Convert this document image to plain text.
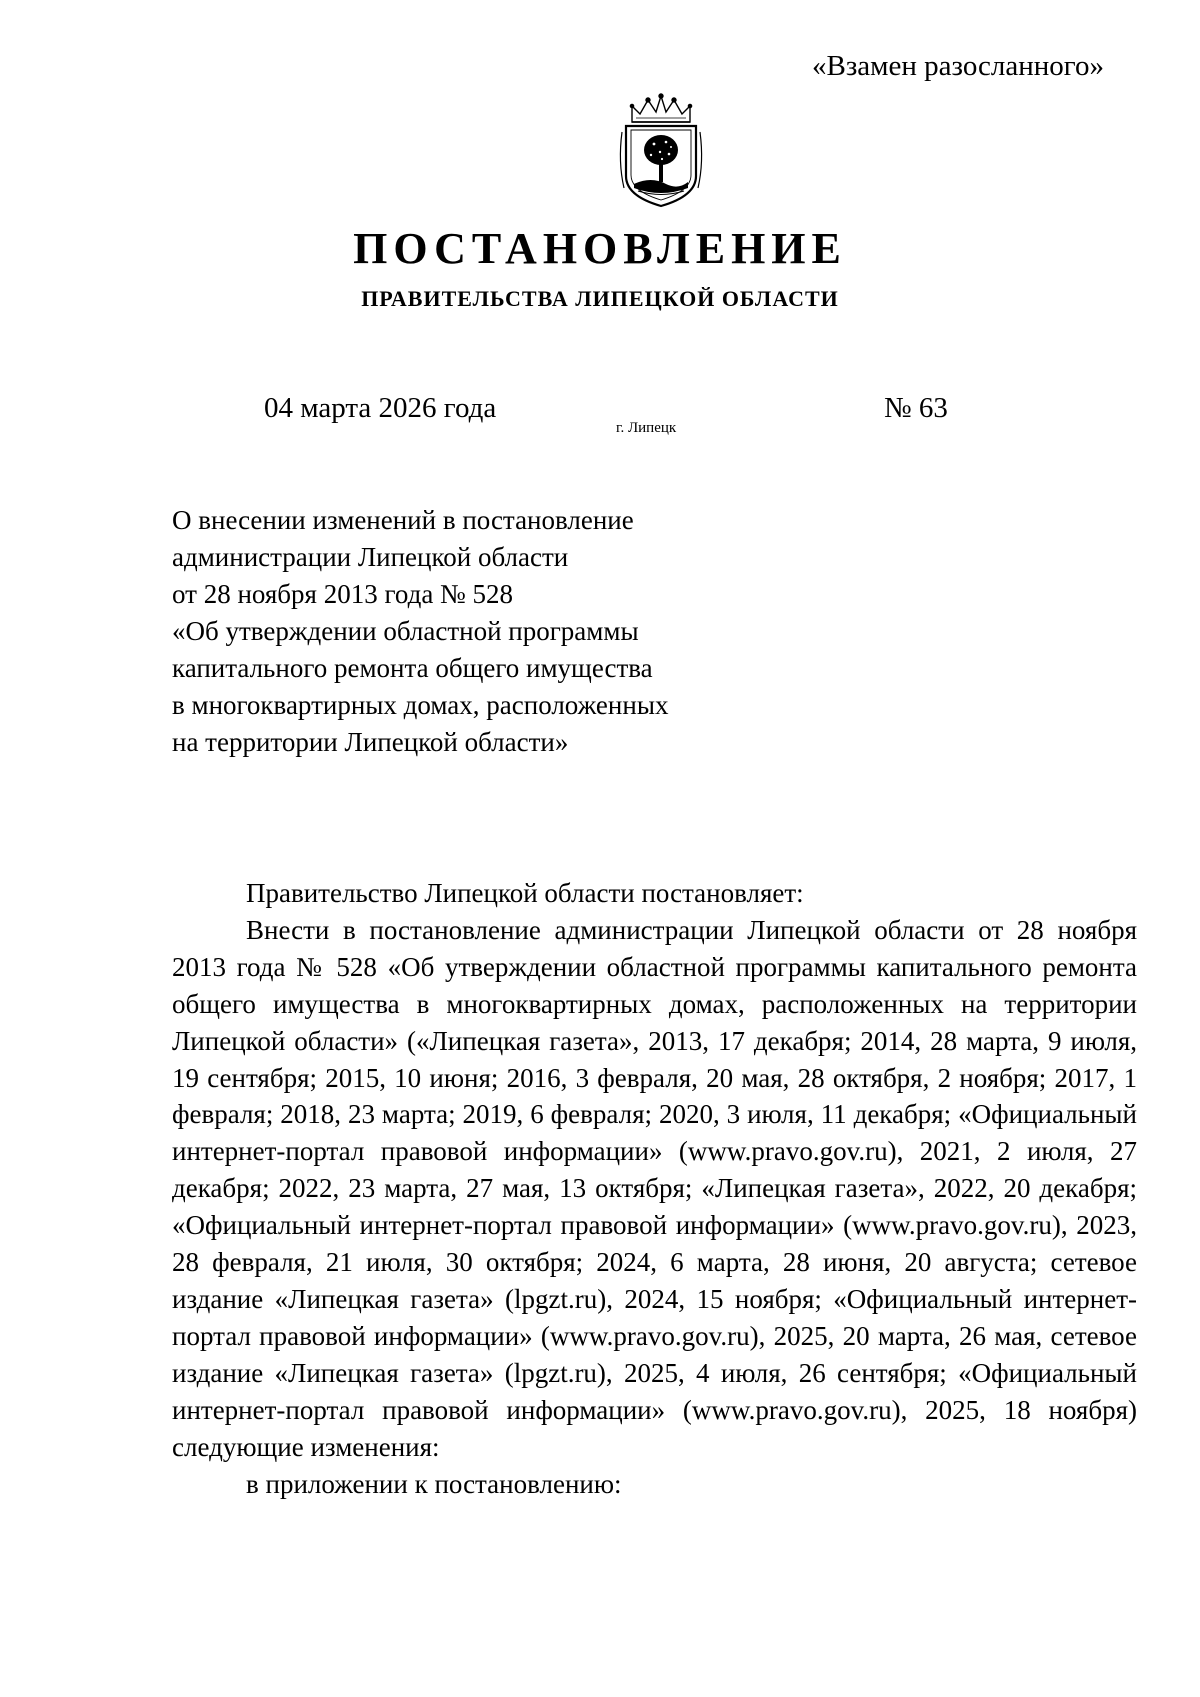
«Взамен разосланного»
ПОСТАНОВЛЕНИЕ
ПРАВИТЕЛЬСТВА ЛИПЕЦКОЙ ОБЛАСТИ
04 марта 2026 года
г. Липецк
№ 63
О внесении изменений в постановление
администрации Липецкой области
от 28 ноября 2013 года № 528
«Об утверждении областной программы
капитального ремонта общего имущества
в многоквартирных домах, расположенных
на территории Липецкой области»

Правительство Липецкой области постановляет:

Внести в постановление администрации Липецкой области от 28 ноября 2013 года № 528 «Об утверждении областной программы капитального ремонта общего имущества в многоквартирных домах, расположенных на территории Липецкой области» («Липецкая газета», 2013, 17 декабря; 2014, 28 марта, 9 июля, 19 сентября; 2015, 10 июня; 2016, 3 февраля, 20 мая, 28 октября, 2 ноября; 2017, 1 февраля; 2018, 23 марта; 2019, 6 февраля; 2020, 3 июля, 11 декабря; «Официальный интернет-портал правовой информации» (www.pravo.gov.ru), 2021, 2 июля, 27 декабря; 2022, 23 марта, 27 мая, 13 октября; «Липецкая газета», 2022, 20 декабря; «Официальный интернет-портал правовой информации» (www.pravo.gov.ru), 2023, 28 февраля, 21 июля, 30 октября; 2024, 6 марта, 28 июня, 20 августа; сетевое издание «Липецкая газета» (lpgzt.ru), 2024, 15 ноября; «Официальный интернет-портал правовой информации» (www.pravo.gov.ru), 2025, 20 марта, 26 мая, сетевое издание «Липецкая газета» (lpgzt.ru), 2025, 4 июля, 26 сентября; «Официальный интернет-портал правовой информации» (www.pravo.gov.ru), 2025, 18 ноября) следующие изменения:

в приложении к постановлению:
